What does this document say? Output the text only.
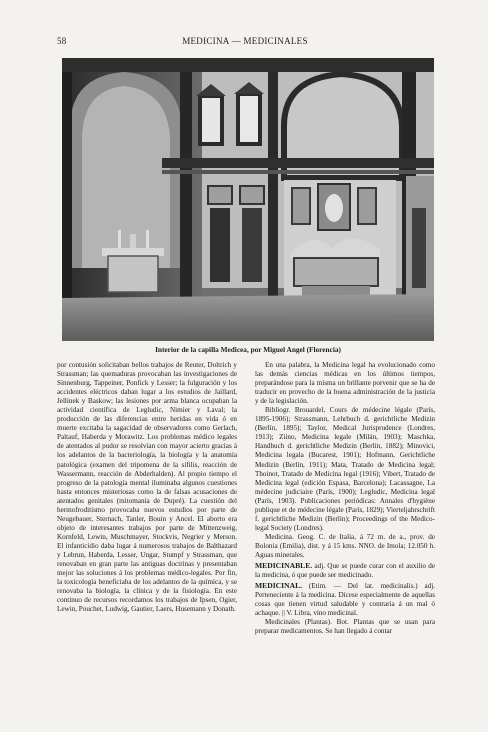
58	MEDICINA — MEDICINALES
Interior de la capilla Medicea, por Miguel Angel (Florencia)

por contusión solicitaban bellos trabajos de Reuter, Doltrich y Strassman; las quemaduras provocaban las investigaciones de Sinnenburg, Tappeiner, Ponfick y Lesser; la fulguración y los accidentes eléctricos daban lugar a los estudios de Jaillard, Jellinek y Baskow; las lesiones por arma blanca ocupaban la actividad científica de Legludic, Nimier y Laval; la producción de las diferencias entre heridas en vida ó en muerte excitaba la sagacidad de observadores como Gerlach, Paltauf, Haberda y Morawitz. Los problemas médico legales de atentados al pudor se resolvían con mayor acierto gracias á los adelantos de la bacteriología, la biología y la anatomía patológica (examen del tripomena de la sífilis, reacción de Wassermann, reacción de Abderhalden). Al propio tiempo el progreso de la patología mental iluminaba algunos cuestiones hasta entonces misteriosas como la de falsas acusaciones de atentados genitales (mitomanía de Dupré). La cuestión del hermofroditismo provocaba nuevos estudios por parte de Neugebauer, Sternach, Tanler, Bouin y Ancel. El aborto era objeto de interesantes trabajos por parte de Mittenzweig, Kornfeld, Lewin, Muschmayer, Stockvis, Negrier y Merson. El infanticidio daba lugar á numerosos trabajos de Balthazard y Lebrun, Haberda, Lesser, Ungar, Stumpf y Strassman, que renovaban en gran parte las antiguas doctrinas y presentaban mejor las soluciones á los problemas médico-legales. Por fin, la toxicología beneficiaba de los adelantos de la química, y se renovaba la biología, la clínica y de la fisiología. En este continuo de recursos recordamos los trabajos de Ipsen, Ogier, Lewin, Pouchet, Ludwig, Gautier, Laers, Husemann y Donath.

En una palabra, la Medicina legal ha evolucionado como las demás ciencias médicas en los últimos tiempos, preparándose para la misma un brillante porvenir que se ha de traducir en provecho de la buena administración de la justicia y de la legislación.

Bibliogr. Brouardel, Cours de médecine légale (París, 1895-1906); Strassmann, Lehrbuch d. gerichtliche Medizin (Berlín, 1895); Taylor, Medical Jurisprudence (Londres, 1913); Ziino, Medicina legale (Milán, 1903); Maschka, Handbuch d. gerichtliche Medizin (Berlín, 1882); Minovici, Medicina legala (Bucarest, 1901); Hofmann, Gerichtliche Medizin (Berlín, 1911); Mata, Tratado de Medicina legal; Thoinot, Tratado de Medicina legal (1916); Vibert, Tratado de Medicina legal (edición Espasa, Barcelona); Lacassagne, La médecine judiciaire (París, 1900); Legludic, Medicina legal (París, 1903). Publicaciones periódicas: Annales d'hygiène publique et de médecine légale (París, 1829); Vierteljahrschrift f. gerichtliche Medizin (Berlín); Proceedings of the Medico-legal Society (Londres).

Medicina. Geog. C. de Italia, á 72 m. de a., prov. de Bolonia (Emilia), dist. y á 15 kms. NNO. de Imola; 12.050 h. Aguas minerales.

MEDICINABLE. adj. Que se puede curar con el auxilio de la medicina, ó que puede ser medicinado.

MEDICINAL. (Etim. — Del lat. medicinalis.) adj. Perteneciente á la medicina. Dícese especialmente de aquellas cosas que tienen virtud saludable y contraria á un mal ó achaque. || V. Libra, vino medicinal.

Medicinales (Plantas). Bot. Plantas que se usan para preparar medicamentos. Se han llegado á contar
